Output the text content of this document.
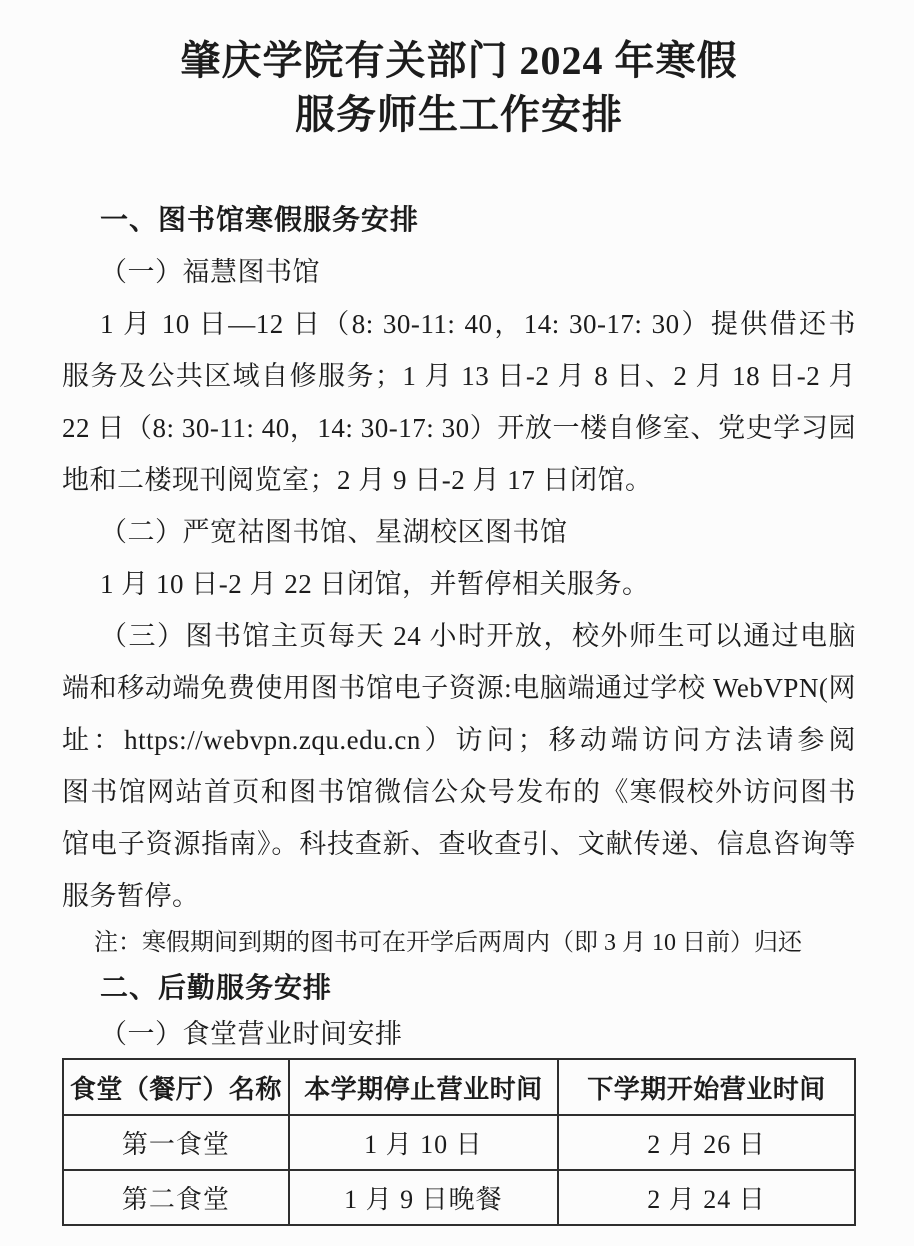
肇庆学院有关部门 2024 年寒假
服务师生工作安排
一、图书馆寒假服务安排
（一）福慧图书馆
1 月 10 日—12 日（8: 30-11: 40，14: 30-17: 30）提供借还书
服务及公共区域自修服务；1 月 13 日-2 月 8 日、2 月 18 日-2 月
22 日（8: 30-11: 40，14: 30-17: 30）开放一楼自修室、党史学习园
地和二楼现刊阅览室；2 月 9 日-2 月 17 日闭馆。
（二）严宽祜图书馆、星湖校区图书馆
1 月 10 日-2 月 22 日闭馆，并暂停相关服务。
（三）图书馆主页每天 24 小时开放，校外师生可以通过电脑
端和移动端免费使用图书馆电子资源:电脑端通过学校 WebVPN(网
址：https://webvpn.zqu.edu.cn）访问；移动端访问方法请参阅
图书馆网站首页和图书馆微信公众号发布的《寒假校外访问图书
馆电子资源指南》。科技查新、查收查引、文献传递、信息咨询等
服务暂停。
注：寒假期间到期的图书可在开学后两周内（即 3 月 10 日前）归还
二、后勤服务安排
（一）食堂营业时间安排
食堂（餐厅）名称	本学期停止营业时间	下学期开始营业时间
第一食堂	1 月 10 日	2 月 26 日
第二食堂	1 月 9 日晚餐	2 月 24 日
